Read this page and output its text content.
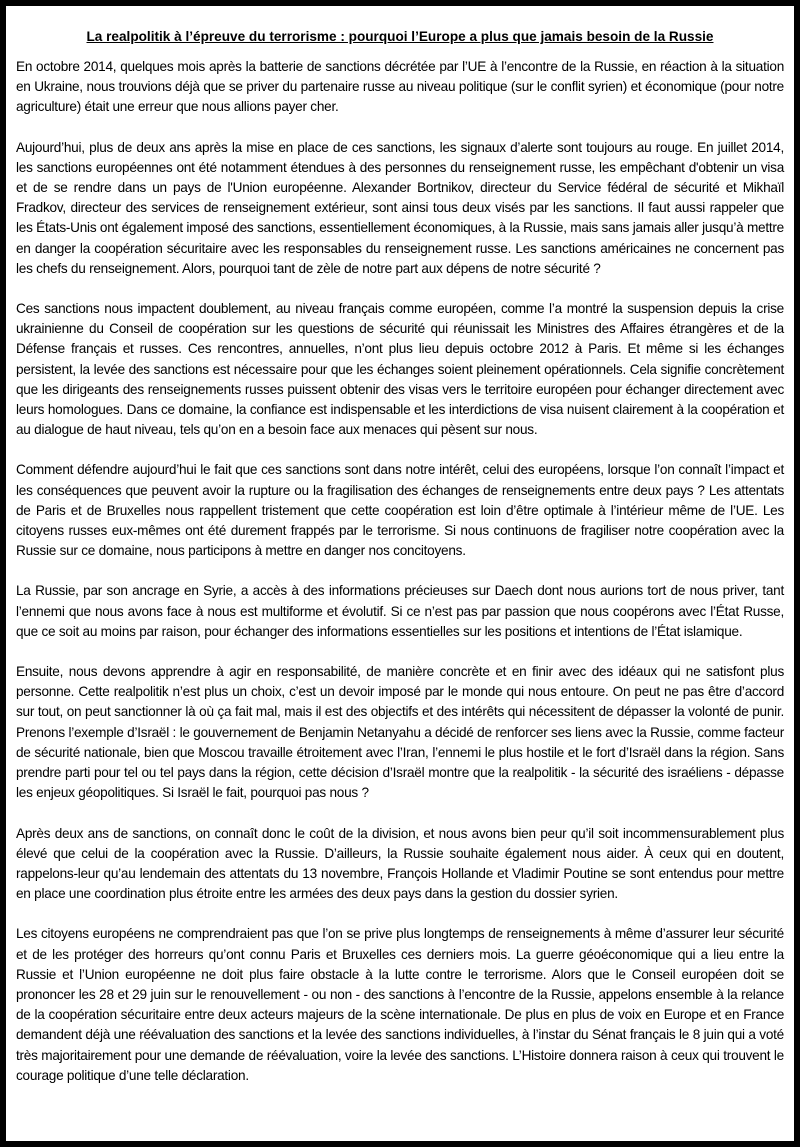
La realpolitik à l’épreuve du terrorisme : pourquoi l’Europe a plus que jamais besoin de la Russie

En octobre 2014, quelques mois après la batterie de sanctions décrétée par l’UE à l’encontre de la Russie, en réaction à la situation en Ukraine, nous trouvions déjà que se priver du partenaire russe au niveau politique (sur le conflit syrien) et économique (pour notre agriculture) était une erreur que nous allions payer cher.

Aujourd’hui, plus de deux ans après la mise en place de ces sanctions, les signaux d’alerte sont toujours au rouge. En juillet 2014, les sanctions européennes ont été notamment étendues à des personnes du renseignement russe, les empêchant d'obtenir un visa et de se rendre dans un pays de l'Union européenne. Alexander Bortnikov, directeur du Service fédéral de sécurité et Mikhaïl Fradkov, directeur des services de renseignement extérieur, sont ainsi tous deux visés par les sanctions. Il faut aussi rappeler que les États-Unis ont également imposé des sanctions, essentiellement économiques, à la Russie, mais sans jamais aller jusqu’à mettre en danger la coopération sécuritaire avec les responsables du renseignement russe. Les sanctions américaines ne concernent pas les chefs du renseignement. Alors, pourquoi tant de zèle de notre part aux dépens de notre sécurité ?

Ces sanctions nous impactent doublement, au niveau français comme européen, comme l’a montré la suspension depuis la crise ukrainienne du Conseil de coopération sur les questions de sécurité qui réunissait les Ministres des Affaires étrangères et de la Défense français et russes. Ces rencontres, annuelles, n’ont plus lieu depuis octobre 2012 à Paris. Et même si les échanges persistent, la levée des sanctions est nécessaire pour que les échanges soient pleinement opérationnels. Cela signifie concrètement que les dirigeants des renseignements russes puissent obtenir des visas vers le territoire européen pour échanger directement avec leurs homologues. Dans ce domaine, la confiance est indispensable et les interdictions de visa nuisent clairement à la coopération et au dialogue de haut niveau, tels qu’on en a besoin face aux menaces qui pèsent sur nous.

Comment défendre aujourd’hui le fait que ces sanctions sont dans notre intérêt, celui des européens, lorsque l’on connaît l’impact et les conséquences que peuvent avoir la rupture ou la fragilisation des échanges de renseignements entre deux pays ? Les attentats de Paris et de Bruxelles nous rappellent tristement que cette coopération est loin d’être optimale à l’intérieur même de l’UE. Les citoyens russes eux-mêmes ont été durement frappés par le terrorisme. Si nous continuons de fragiliser notre coopération avec la Russie sur ce domaine, nous participons à mettre en danger nos concitoyens.

La Russie, par son ancrage en Syrie, a accès à des informations précieuses sur Daech dont nous aurions tort de nous priver, tant l’ennemi que nous avons face à nous est multiforme et évolutif. Si ce n’est pas par passion que nous coopérons avec l’État Russe, que ce soit au moins par raison, pour échanger des informations essentielles sur les positions et intentions de l’État islamique.

Ensuite, nous devons apprendre à agir en responsabilité, de manière concrète et en finir avec des idéaux qui ne satisfont plus personne. Cette realpolitik n’est plus un choix, c’est un devoir imposé par le monde qui nous entoure. On peut ne pas être d’accord sur tout, on peut sanctionner là où ça fait mal, mais il est des objectifs et des intérêts qui nécessitent de dépasser la volonté de punir. Prenons l’exemple d’Israël : le gouvernement de Benjamin Netanyahu a décidé de renforcer ses liens avec la Russie, comme facteur de sécurité nationale, bien que Moscou travaille étroitement avec l’Iran, l’ennemi le plus hostile et le fort d’Israël dans la région. Sans prendre parti pour tel ou tel pays dans la région, cette décision d’Israël montre que la realpolitik - la sécurité des israéliens - dépasse les enjeux géopolitiques. Si Israël le fait, pourquoi pas nous ?

Après deux ans de sanctions, on connaît donc le coût de la division, et nous avons bien peur qu’il soit incommensurablement plus élevé que celui de la coopération avec la Russie. D’ailleurs, la Russie souhaite également nous aider. À ceux qui en doutent, rappelons-leur qu’au lendemain des attentats du 13 novembre, François Hollande et Vladimir Poutine se sont entendus pour mettre en place une coordination plus étroite entre les armées des deux pays dans la gestion du dossier syrien.

Les citoyens européens ne comprendraient pas que l’on se prive plus longtemps de renseignements à même d’assurer leur sécurité et de les protéger des horreurs qu’ont connu Paris et Bruxelles ces derniers mois. La guerre géoéconomique qui a lieu entre la Russie et l’Union européenne ne doit plus faire obstacle à la lutte contre le terrorisme. Alors que le Conseil européen doit se prononcer les 28 et 29 juin sur le renouvellement - ou non - des sanctions à l’encontre de la Russie, appelons ensemble à la relance de la coopération sécuritaire entre deux acteurs majeurs de la scène internationale. De plus en plus de voix en Europe et en France demandent déjà une réévaluation des sanctions et la levée des sanctions individuelles, à l’instar du Sénat français le 8 juin qui a voté très majoritairement pour une demande de réévaluation, voire la levée des sanctions. L’Histoire donnera raison à ceux qui trouvent le courage politique d’une telle déclaration.
